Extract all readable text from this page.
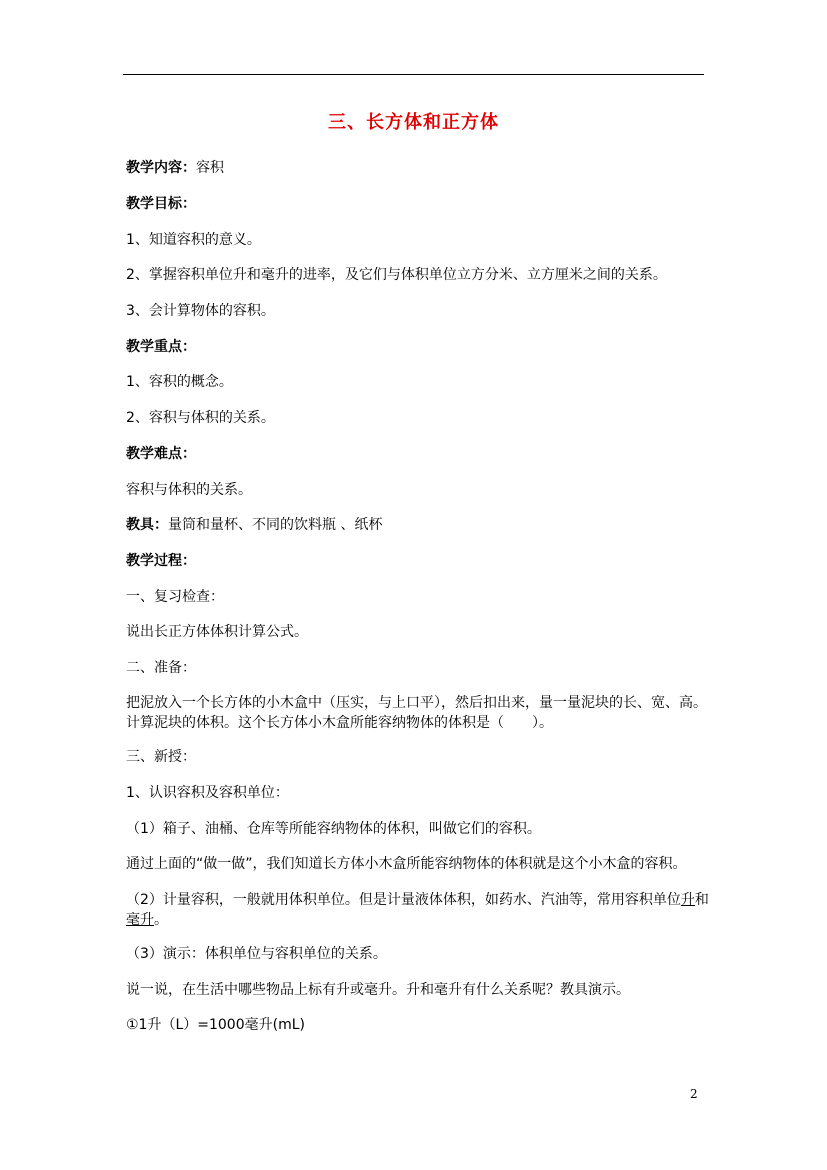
三、长方体和正方体
教学内容：容积
教学目标：
1、知道容积的意义。
2、掌握容积单位升和毫升的进率，及它们与体积单位立方分米、立方厘米之间的关系。
3、会计算物体的容积。
教学重点：
1、容积的概念。
2、容积与体积的关系。
教学难点：
容积与体积的关系。
教具：量筒和量杯、不同的饮料瓶 、纸杯
教学过程：
一、复习检查：
说出长正方体体积计算公式。
二、准备：
把泥放入一个长方体的小木盒中（压实，与上口平），然后扣出来，量一量泥块的长、宽、高。计算泥块的体积。这个长方体小木盒所能容纳物体的体积是（　　）。
三、新授：
1、认识容积及容积单位：
（1）箱子、油桶、仓库等所能容纳物体的体积，叫做它们的容积。
通过上面的“做一做”，我们知道长方体小木盒所能容纳物体的体积就是这个小木盒的容积。
（2）计量容积，一般就用体积单位。但是计量液体体积，如药水、汽油等，常用容积单位升和毫升。
（3）演示：体积单位与容积单位的关系。
说一说，在生活中哪些物品上标有升或毫升。升和毫升有什么关系呢？教具演示。
①1升（L）=1000毫升(mL)
2
